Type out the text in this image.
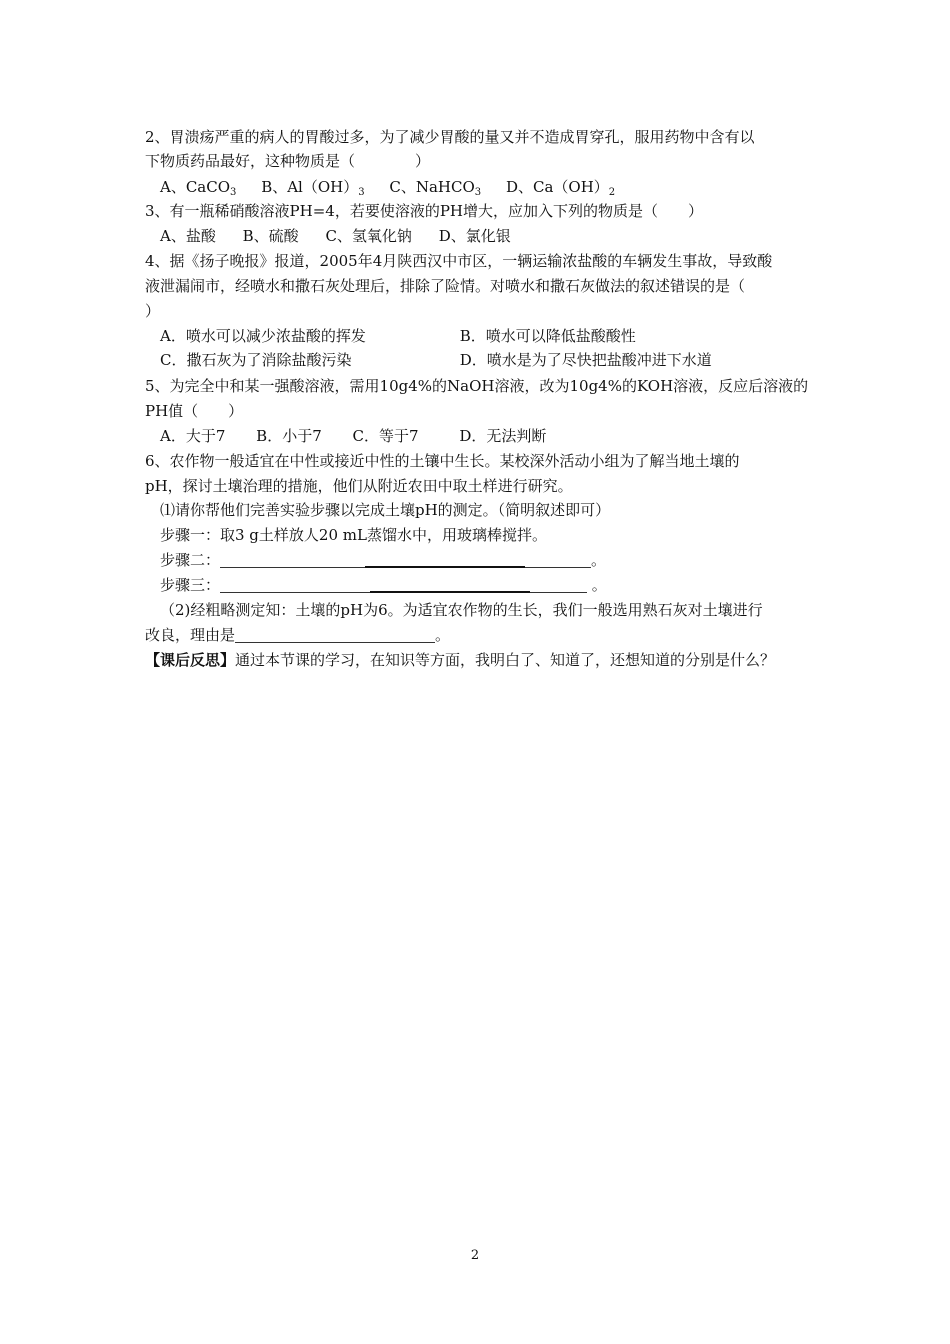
2、胃溃疡严重的病人的胃酸过多，为了减少胃酸的量又并不造成胃穿孔，服用药物中含有以
下物质药品最好，这种物质是（　　　　）
A、CaCO$_3$ B、$Al(OH)_3$ C、NaHCO$_3$ D、$Ca(OH)_2$
3、有一瓶稀硝酸溶液PH=4，若要使溶液的PH增大，应加入下列的物质是（　　）
A、盐酸 B、硫酸 C、氢氧化钠 D、氯化银
4、据《扬子晚报》报道，2005年4月陕西汉中市区，一辆运输浓盐酸的车辆发生事故，导致酸
液泄漏闹市，经喷水和撒石灰处理后，排除了险情。对喷水和撒石灰做法的叙述错误的是（
）
A．喷水可以减少浓盐酸的挥发	B．喷水可以降低盐酸酸性
C．撒石灰为了消除盐酸污染	D．喷水是为了尽快把盐酸冲进下水道
5、为完全中和某一强酸溶液，需用10g4%的NaOH溶液，改为10g4%的KOH溶液，反应后溶液的
PH值（　　）
A．大于7 B．小于7 C．等于7	D．无法判断
6、农作物一般适宜在中性或接近中性的土镶中生长。某校深外活动小组为了解当地土壤的
pH，探讨土壤治理的措施，他们从附近农田中取土样进行研究。
⑴请你帮他们完善实验步骤以完成土壤pH的测定。（简明叙述即可）
步骤一：取3 g土样放人20 mL蒸馏水中，用玻璃棒搅拌。
步骤二：	。
步骤三：	。
（2)经粗略测定知：土壤的pH为6。为适宜农作物的生长，我们一般选用熟石灰对土壤进行
改良，理由是	。
【课后反思】通过本节课的学习，在知识等方面，我明白了、知道了，还想知道的分别是什么？
2
